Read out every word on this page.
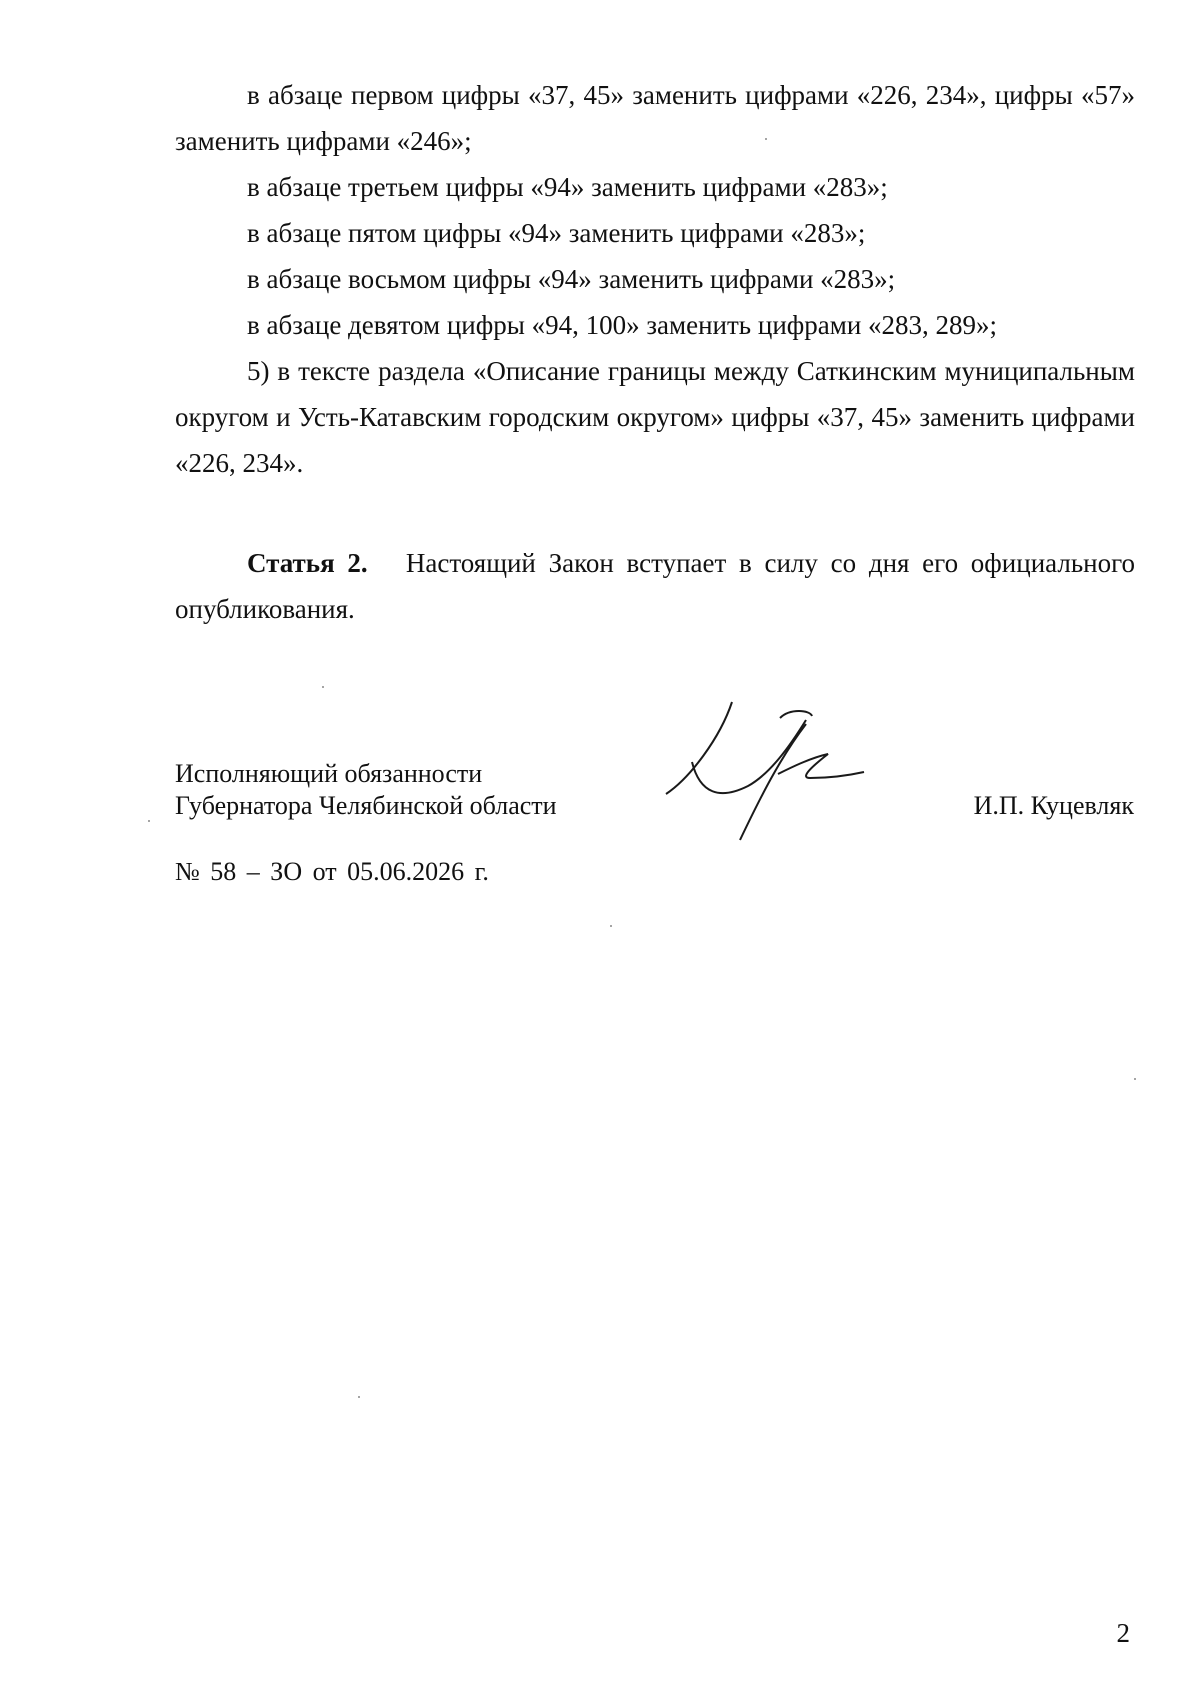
в абзаце первом цифры «37, 45» заменить цифрами «226, 234», цифры «57» заменить цифрами «246»;

в абзаце третьем цифры «94» заменить цифрами «283»;

в абзаце пятом цифры «94» заменить цифрами «283»;

в абзаце восьмом цифры «94» заменить цифрами «283»;

в абзаце девятом цифры «94, 100» заменить цифрами «283, 289»;

5) в тексте раздела «Описание границы между Саткинским муниципальным округом и Усть-Катавским городским округом» цифры «37, 45» заменить цифрами «226, 234».

Статья 2. Настоящий Закон вступает в силу со дня его официального опубликования.

Исполняющий обязанности
Губернатора Челябинской области	И.П. Куцевляк
№ 58 – ЗО от 05.06.2026 г.
2
